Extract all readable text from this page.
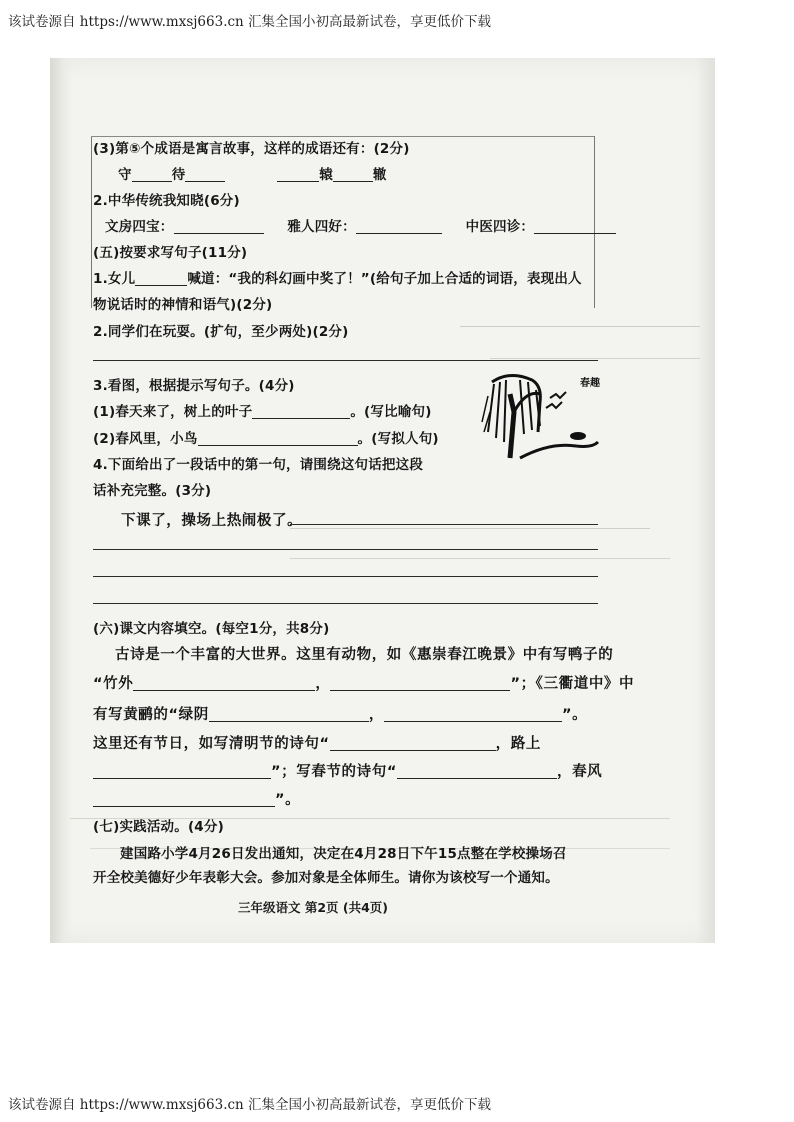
该试卷源自 https://www.mxsj663.cn 汇集全国小初高最新试卷，享更低价下载
(3)第⑤个成语是寓言故事，这样的成语还有：(2分)
守	待	辕	辙
2.中华传统我知晓(6分)
文房四宝：	雅人四好：	中医四诊：
(五)按要求写句子(11分)
1.女儿	喊道：“我的科幻画中奖了！”(给句子加上合适的词语，表现出人
物说话时的神情和语气)(2分)
2.同学们在玩耍。(扩句，至少两处)(2分)
3.看图，根据提示写句子。(4分)
(1)春天来了，树上的叶子	。(写比喻句)
(2)春风里，小鸟	。(写拟人句)
春趣
4.下面给出了一段话中的第一句，请围绕这句话把这段
话补充完整。(3分)
下课了，操场上热闹极了。
(六)课文内容填空。(每空1分，共8分)
古诗是一个丰富的大世界。这里有动物，如《惠崇春江晚景》中有写鸭子的
“竹外	，	”；《三衢道中》中
有写黄鹂的“绿阴	，	”。
这里还有节日，如写清明节的诗句“	，路上
”；写春节的诗句“	，春风
”。
(七)实践活动。(4分)
建国路小学4月26日发出通知，决定在4月28日下午15点整在学校操场召
开全校美德好少年表彰大会。参加对象是全体师生。请你为该校写一个通知。
三年级语文 第2页 (共4页)
该试卷源自 https://www.mxsj663.cn 汇集全国小初高最新试卷，享更低价下载
